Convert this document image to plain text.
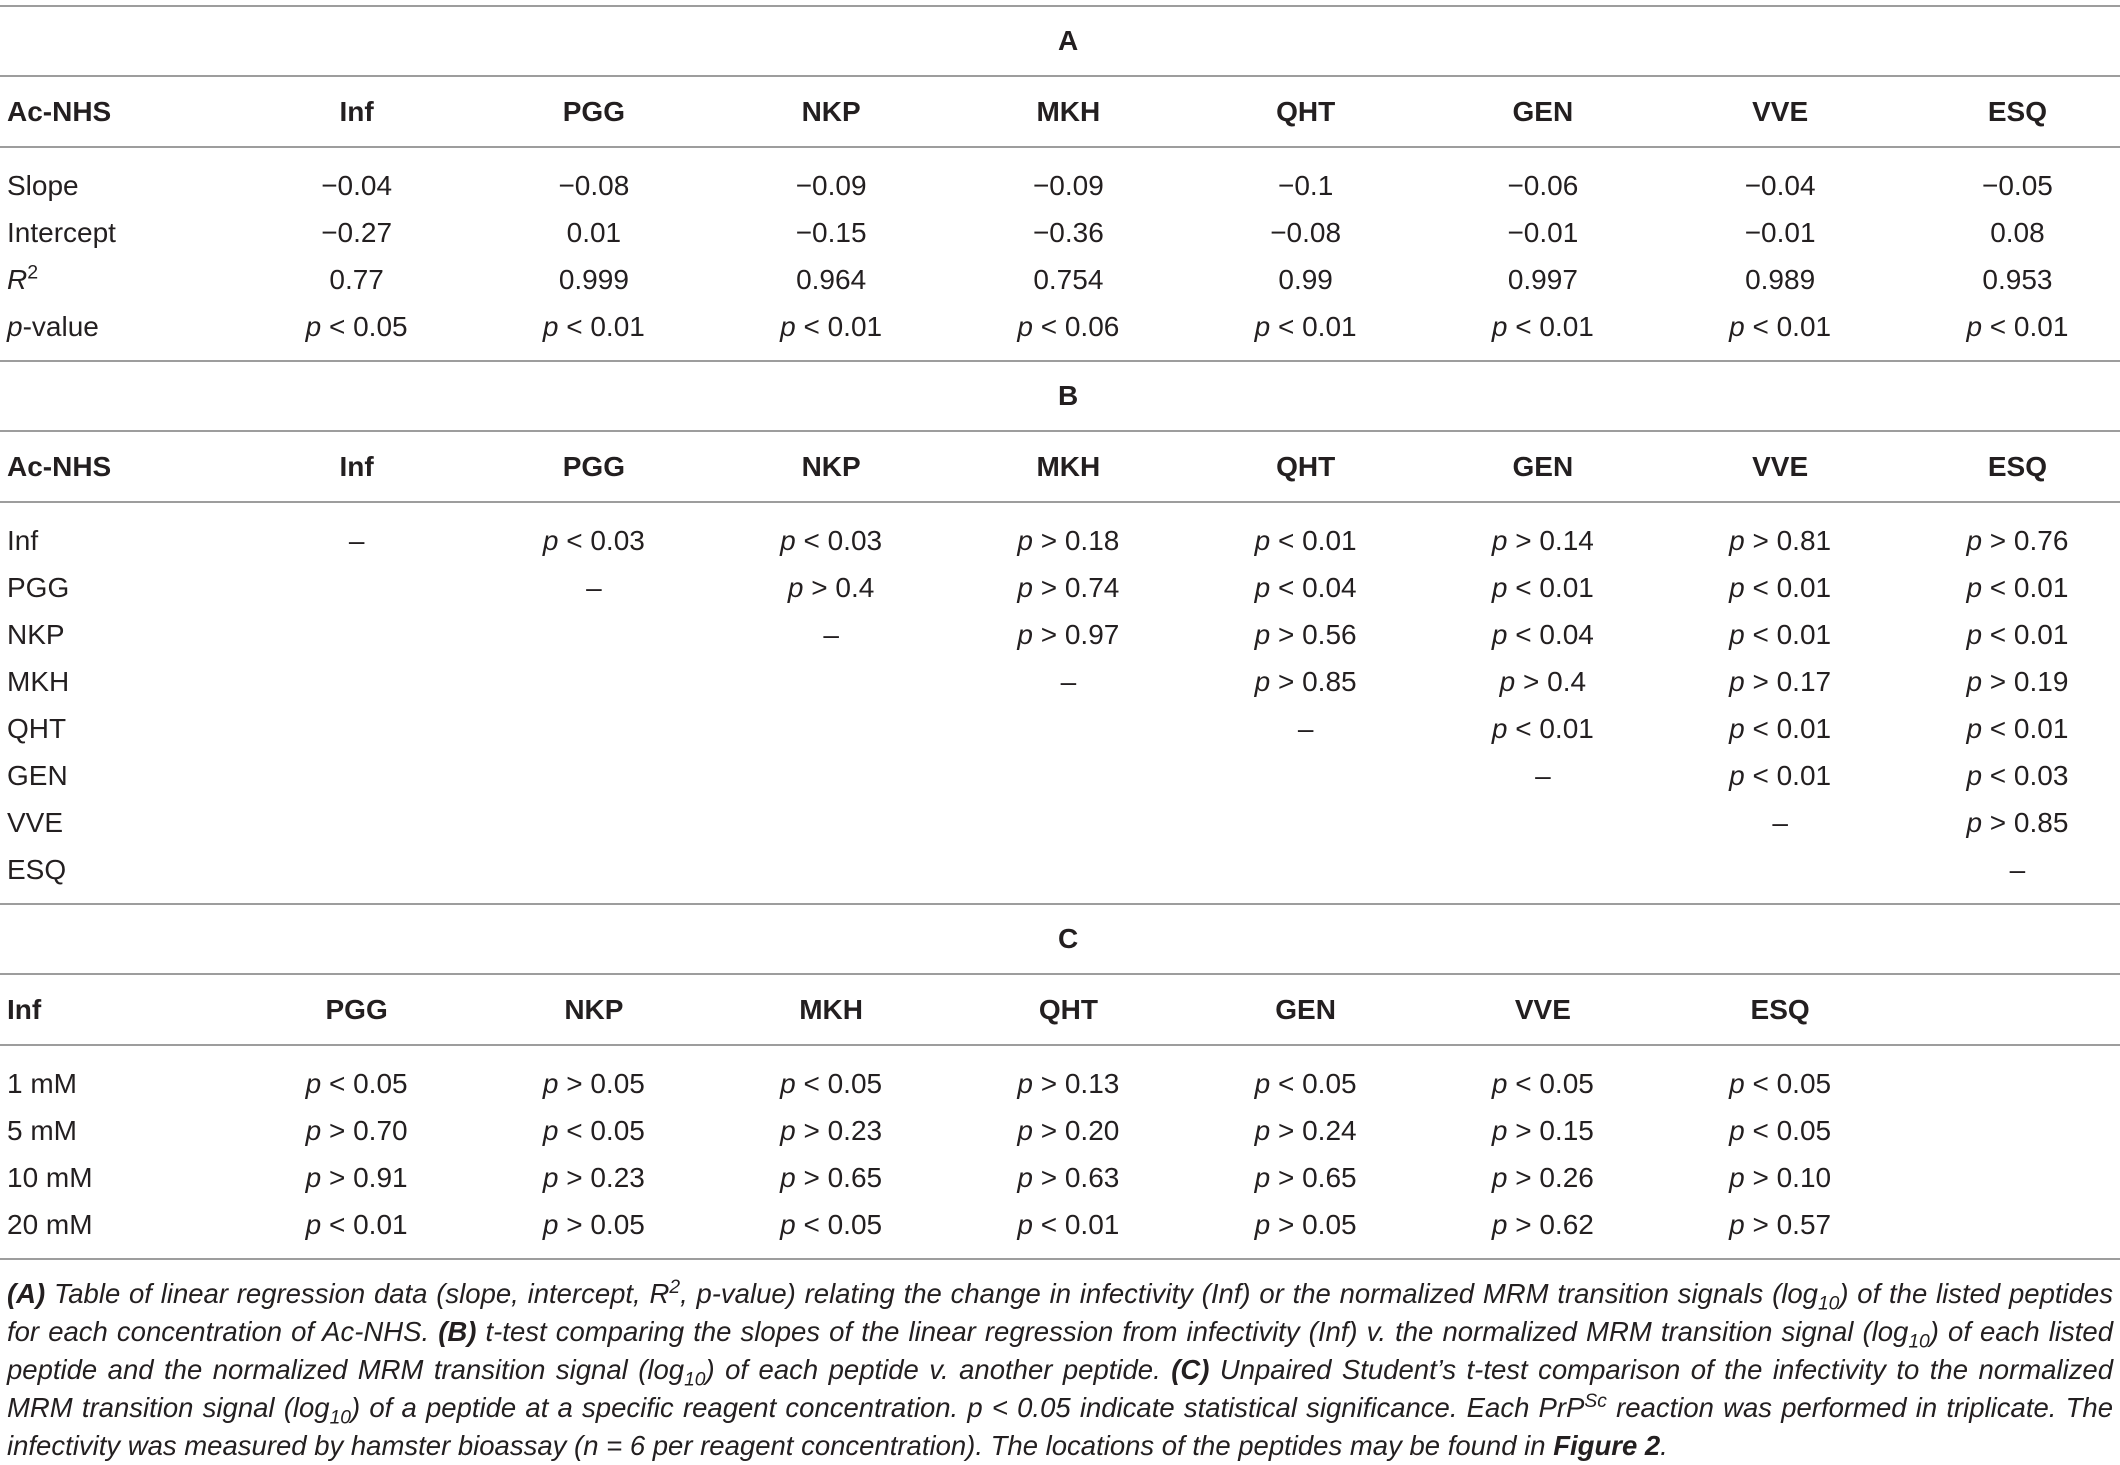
A								
Ac-NHS	Inf	PGG	NKP	MKH	QHT	GEN	VVE	ESQ
Slope	−0.04	−0.08	−0.09	−0.09	−0.1	−0.06	−0.04	−0.05
Intercept	−0.27	0.01	−0.15	−0.36	−0.08	−0.01	−0.01	0.08
$R^2$	0.77	0.999	0.964	0.754	0.99	0.997	0.989	0.953
p-value	p < 0.05	p < 0.01	p < 0.01	p < 0.06	p < 0.01	p < 0.01	p < 0.01	p < 0.01
B								
Ac-NHS	Inf	PGG	NKP	MKH	QHT	GEN	VVE	ESQ
Inf	–	p < 0.03	p < 0.03	p > 0.18	p < 0.01	p > 0.14	p > 0.81	p > 0.76
PGG		–	p > 0.4	p > 0.74	p < 0.04	p < 0.01	p < 0.01	p < 0.01
NKP			–	p > 0.97	p > 0.56	p < 0.04	p < 0.01	p < 0.01
MKH				–	p > 0.85	p > 0.4	p > 0.17	p > 0.19
QHT					–	p < 0.01	p < 0.01	p < 0.01
GEN						–	p < 0.01	p < 0.03
VVE							–	p > 0.85
ESQ								–
C								
Inf	PGG	NKP	MKH	QHT	GEN	VVE	ESQ	
1 mM	p < 0.05	p > 0.05	p < 0.05	p > 0.13	p < 0.05	p < 0.05	p < 0.05	
5 mM	p > 0.70	p < 0.05	p > 0.23	p > 0.20	p > 0.24	p > 0.15	p < 0.05	
10 mM	p > 0.91	p > 0.23	p > 0.65	p > 0.63	p > 0.65	p > 0.26	p > 0.10	
20 mM	p < 0.01	p > 0.05	p < 0.05	p < 0.01	p > 0.05	p > 0.62	p > 0.57	
(A) Table of linear regression data (slope, intercept, $R^2$, p-value) relating the change in infectivity (Inf) or the normalized MRM transition signals $(\log_{10})$ of the listed peptides for each concentration of Ac-NHS. (B) t-test comparing the slopes of the linear regression from infectivity (Inf) v. the normalized MRM transition signal $(\log_{10})$ of each listed peptide and the normalized MRM transition signal $(\log_{10})$ of each peptide v. another peptide. (C) Unpaired Student’s t-test comparison of the infectivity to the normalized MRM transition signal $(\log_{10})$ of a peptide at a specific reagent concentration. p < 0.05 indicate statistical significance. Each PrP$^{Sc}$ reaction was performed in triplicate. The infectivity was measured by hamster bioassay (n = 6 per reagent concentration). The locations of the peptides may be found in Figure 2.
